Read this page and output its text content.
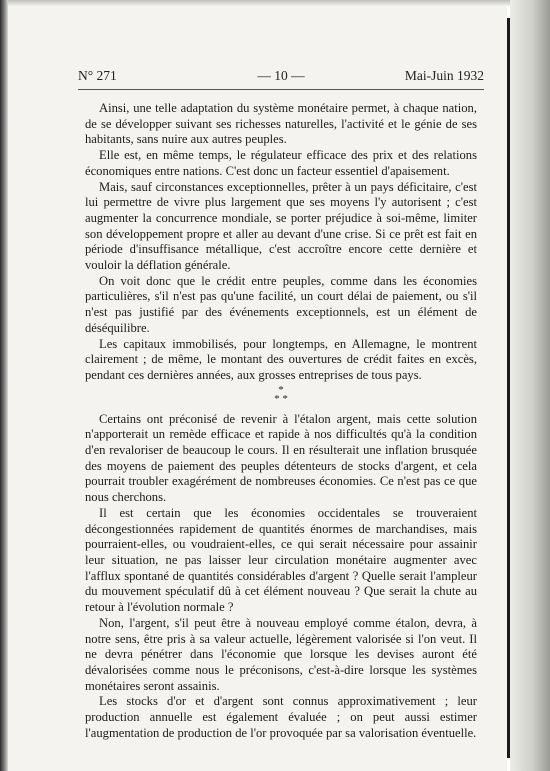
N° 271	— 10 —	Mai-Juin 1932

Ainsi, une telle adaptation du système monétaire permet, à chaque nation, de se développer suivant ses richesses naturelles, l'activité et le génie de ses habitants, sans nuire aux autres peuples.

Elle est, en même temps, le régulateur efficace des prix et des relations économiques entre nations. C'est donc un facteur essentiel d'apaisement.

Mais, sauf circonstances exceptionnelles, prêter à un pays déficitaire, c'est lui permettre de vivre plus largement que ses moyens l'y autorisent ; c'est augmenter la concurrence mondiale, se porter préjudice à soi-même, limiter son développement propre et aller au devant d'une crise. Si ce prêt est fait en période d'insuffisance métallique, c'est accroître encore cette dernière et vouloir la déflation générale.

On voit donc que le crédit entre peuples, comme dans les économies particulières, s'il n'est pas qu'une facilité, un court délai de paiement, ou s'il n'est pas justifié par des événements exceptionnels, est un élément de déséquilibre.

Les capitaux immobilisés, pour longtemps, en Allemagne, le montrent clairement ; de même, le montant des ouvertures de crédit faites en excès, pendant ces dernières années, aux grosses entreprises de tous pays.

*
* *

Certains ont préconisé de revenir à l'étalon argent, mais cette solution n'apporterait un remède efficace et rapide à nos difficultés qu'à la condition d'en revaloriser de beaucoup le cours. Il en résulterait une inflation brusquée des moyens de paiement des peuples détenteurs de stocks d'argent, et cela pourrait troubler exagérément de nombreuses économies. Ce n'est pas ce que nous cherchons.

Il est certain que les économies occidentales se trouveraient décongestionnées rapidement de quantités énormes de marchandises, mais pourraient-elles, ou voudraient-elles, ce qui serait nécessaire pour assainir leur situation, ne pas laisser leur circulation monétaire augmenter avec l'afflux spontané de quantités considérables d'argent ? Quelle serait l'ampleur du mouvement spéculatif dû à cet élément nouveau ? Que serait la chute au retour à l'évolution normale ?

Non, l'argent, s'il peut être à nouveau employé comme étalon, devra, à notre sens, être pris à sa valeur actuelle, légèrement valorisée si l'on veut. Il ne devra pénétrer dans l'économie que lorsque les devises auront été dévalorisées comme nous le préconisons, c'est-à-dire lorsque les systèmes monétaires seront assainis.

Les stocks d'or et d'argent sont connus approximativement ; leur production annuelle est également évaluée ; on peut aussi estimer l'augmentation de production de l'or provoquée par sa valorisation éventuelle.
